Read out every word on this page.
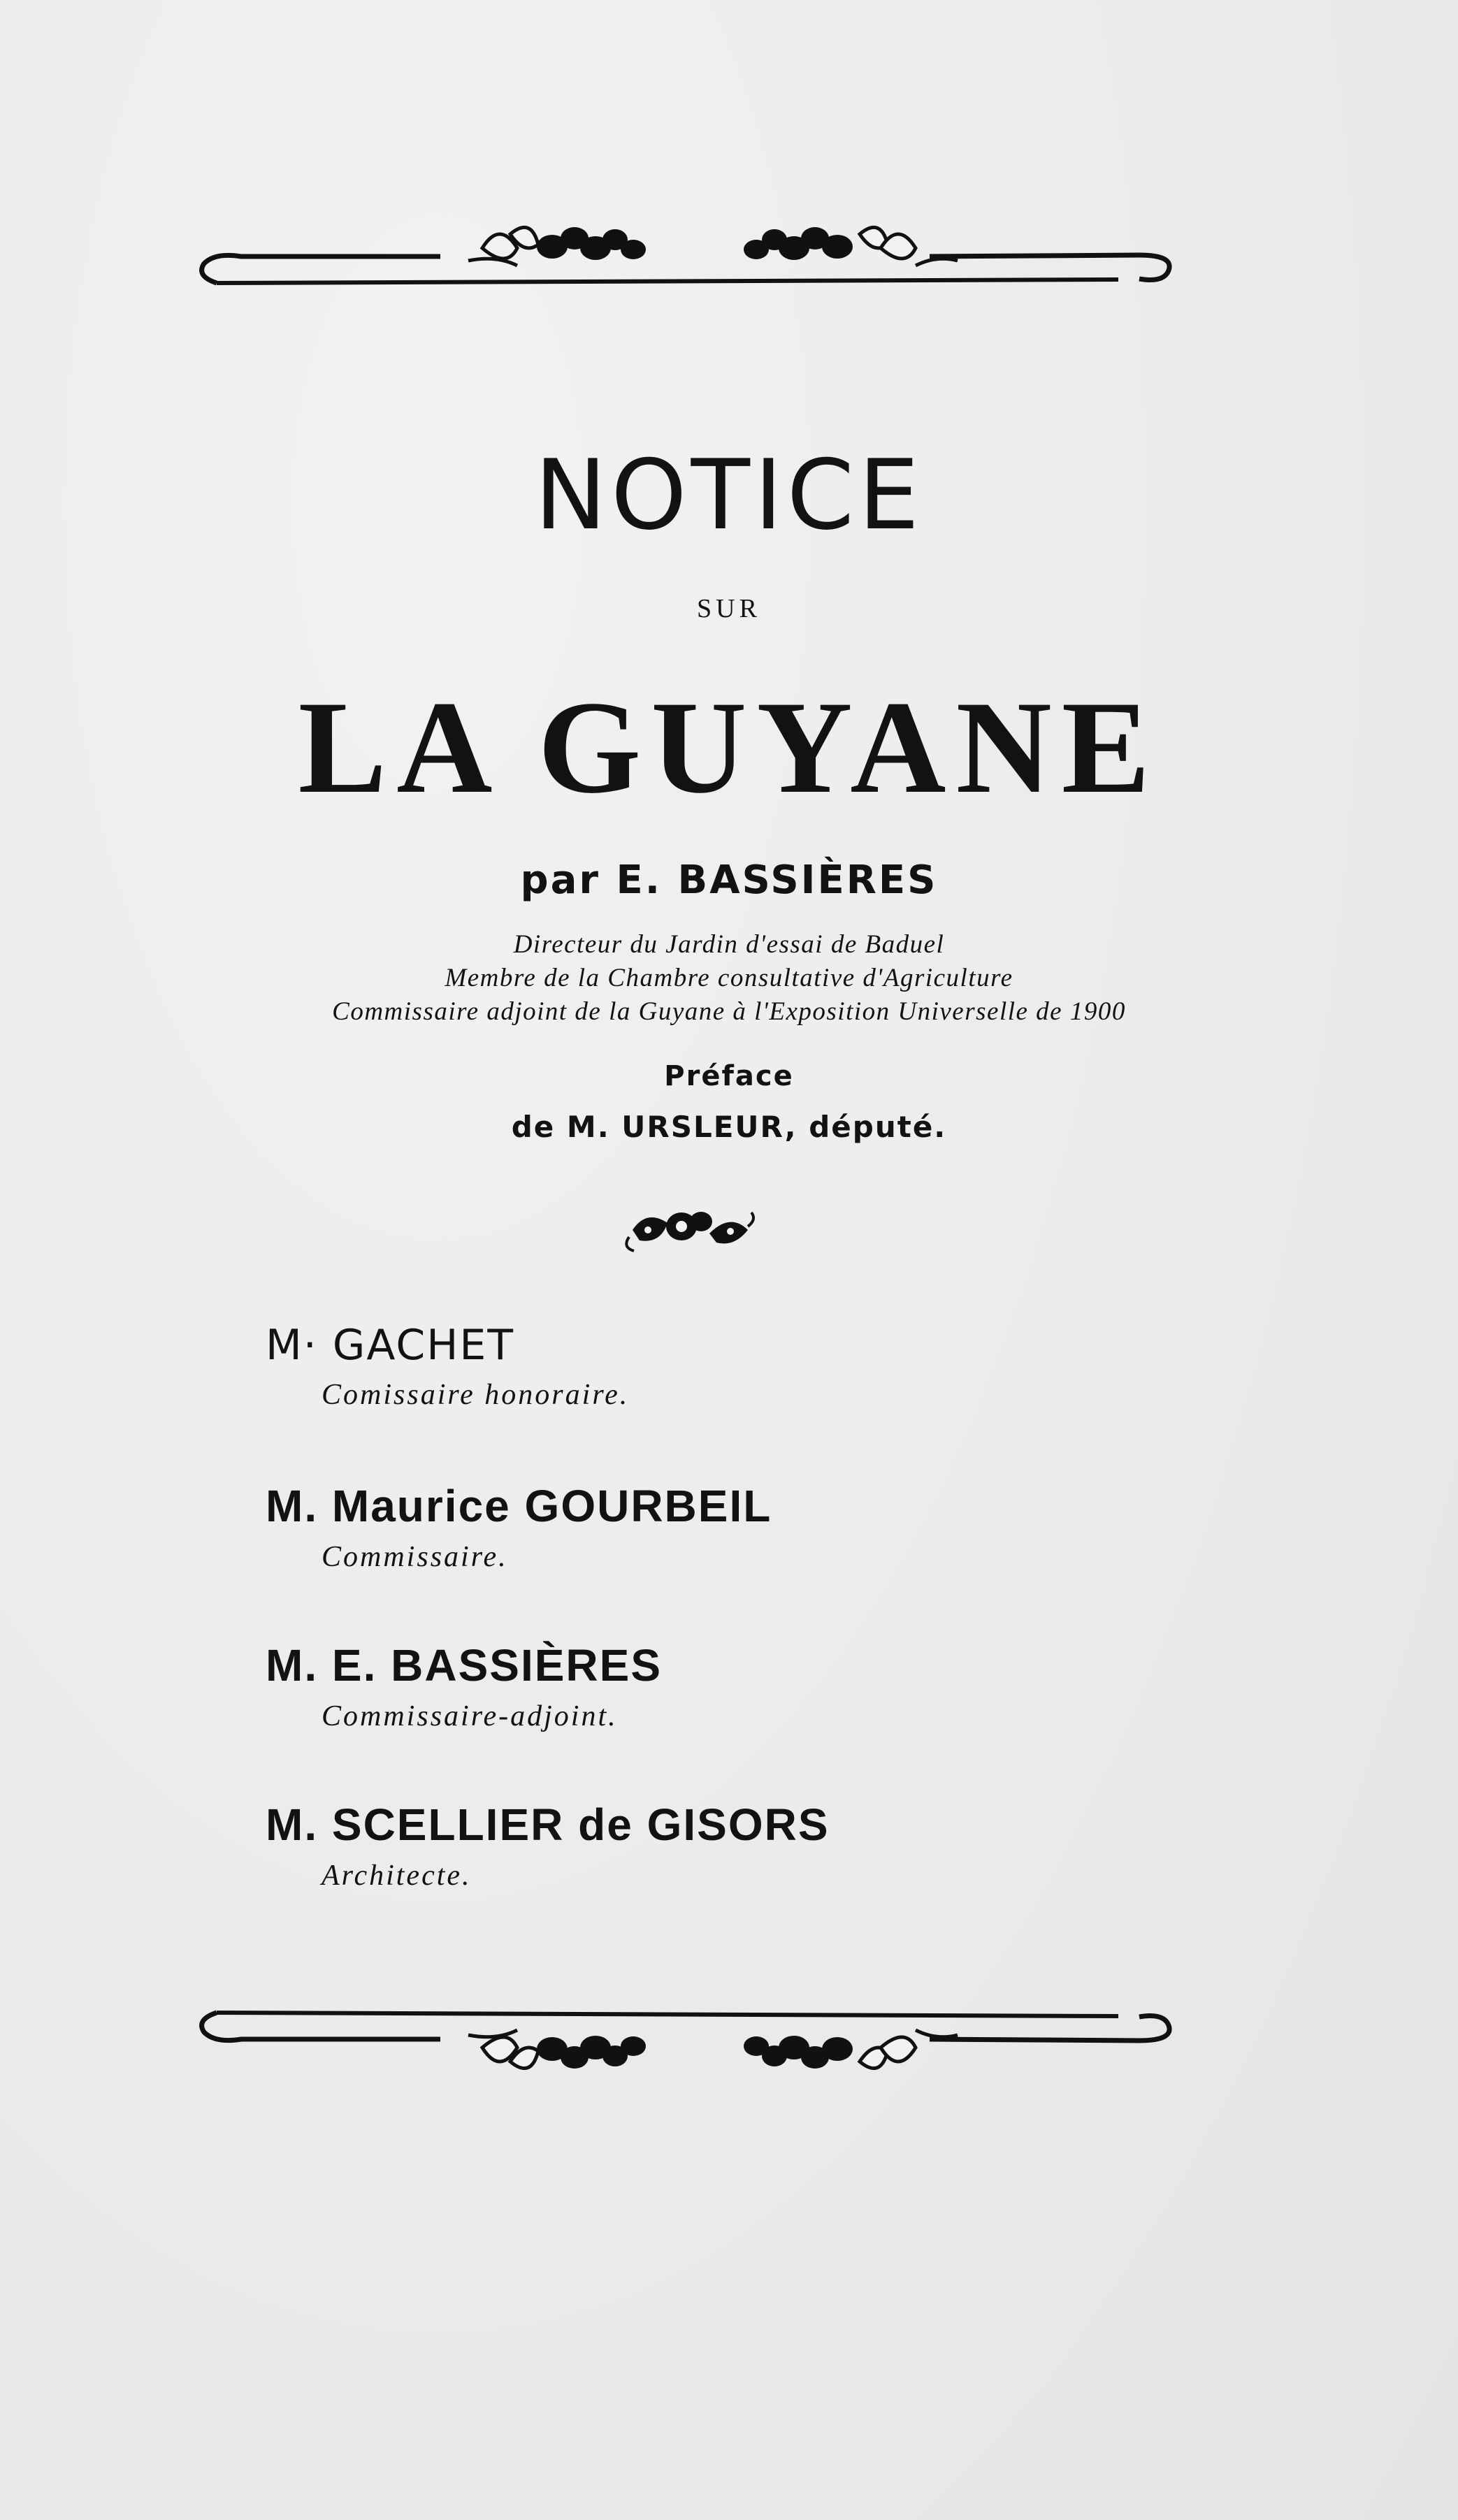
NOTICE
SUR
LA GUYANE
par E. BASSIÈRES
Directeur du Jardin d'essai de Baduel
Membre de la Chambre consultative d'Agriculture
Commissaire adjoint de la Guyane à l'Exposition Universelle de 1900
Préface
de M. URSLEUR, député.
M· GACHET
Comissaire honoraire.
M. Maurice GOURBEIL
Commissaire.
M. E. BASSIÈRES
Commissaire-adjoint.
M. SCELLIER de GISORS
Architecte.
